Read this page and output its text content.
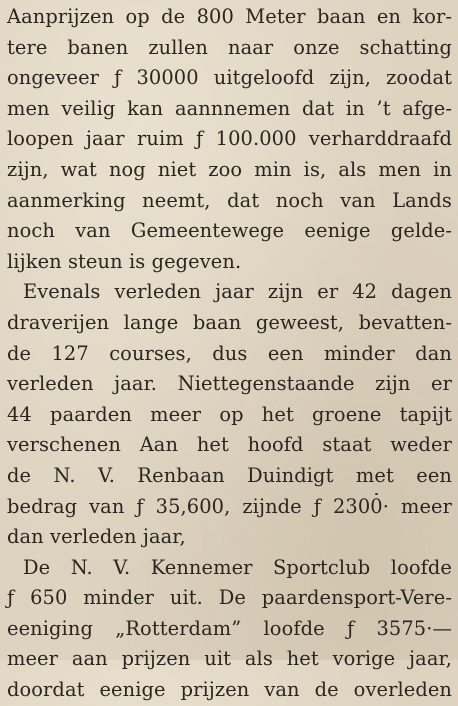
Aanprijzen op de 800 Meter baan en kor-
tere banen zullen naar onze schatting
ongeveer ƒ 30000 uitgeloofd zijn, zoodat
men veilig kan aannnemen dat in ’t afge-
loopen jaar ruim ƒ 100.000 verharddraafd
zijn, wat nog niet zoo min is, als men in
aanmerking neemt, dat noch van Lands
noch van Gemeentewege eenige gelde-
lijken steun is gegeven.
Evenals verleden jaar zijn er 42 dagen
draverijen lange baan geweest, bevatten-
de 127 courses, dus een minder dan
verleden jaar. Niettegenstaande zijn er
44 paarden meer op het groene tapijt
verschenen Aan het hoofd staat weder
de N. V. Renbaan Duindigt met een
bedrag van ƒ 35,600, zijnde ƒ 2300· meer
dan verleden jaar,
De N. V. Kennemer Sportclub loofde
ƒ 650 minder uit. De paardensport-Vere-
eeniging „Rotterdam” loofde ƒ 3575·—
meer aan prijzen uit als het vorige jaar,
doordat eenige prijzen van de overleden
